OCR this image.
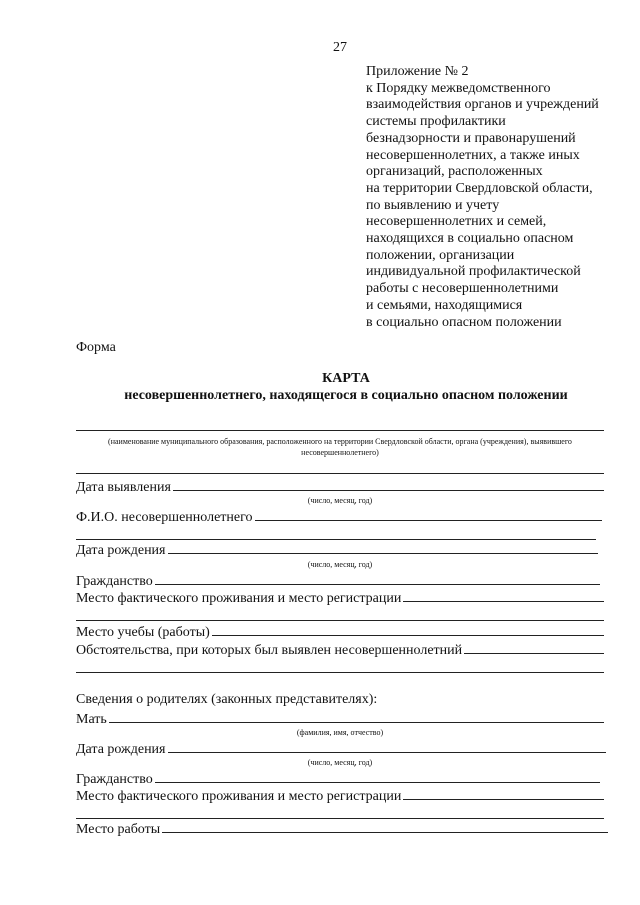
27
Приложение № 2
к Порядку межведомственного
взаимодействия органов и учреждений
системы профилактики
безнадзорности и правонарушений
несовершеннолетних, а также иных
организаций, расположенных
на территории Свердловской области,
по выявлению и учету
несовершеннолетних и семей,
находящихся в социально опасном
положении, организации
индивидуальной профилактической
работы с несовершеннолетними
и семьями, находящимися
в социально опасном положении
Форма
КАРТА
несовершеннолетнего, находящегося в социально опасном положении
(наименование муниципального образования, расположенного на территории Свердловской области, органа (учреждения), выявившего несовершеннолетнего)
Дата выявления
(число, месяц, год)
Ф.И.О. несовершеннолетнего
Дата рождения
(число, месяц, год)
Гражданство
Место фактического проживания и место регистрации
Место учебы (работы)
Обстоятельства, при которых был выявлен несовершеннолетний
Сведения о родителях (законных представителях):
Мать
(фамилия, имя, отчество)
Дата рождения
(число, месяц, год)
Гражданство
Место фактического проживания и место регистрации
Место работы
